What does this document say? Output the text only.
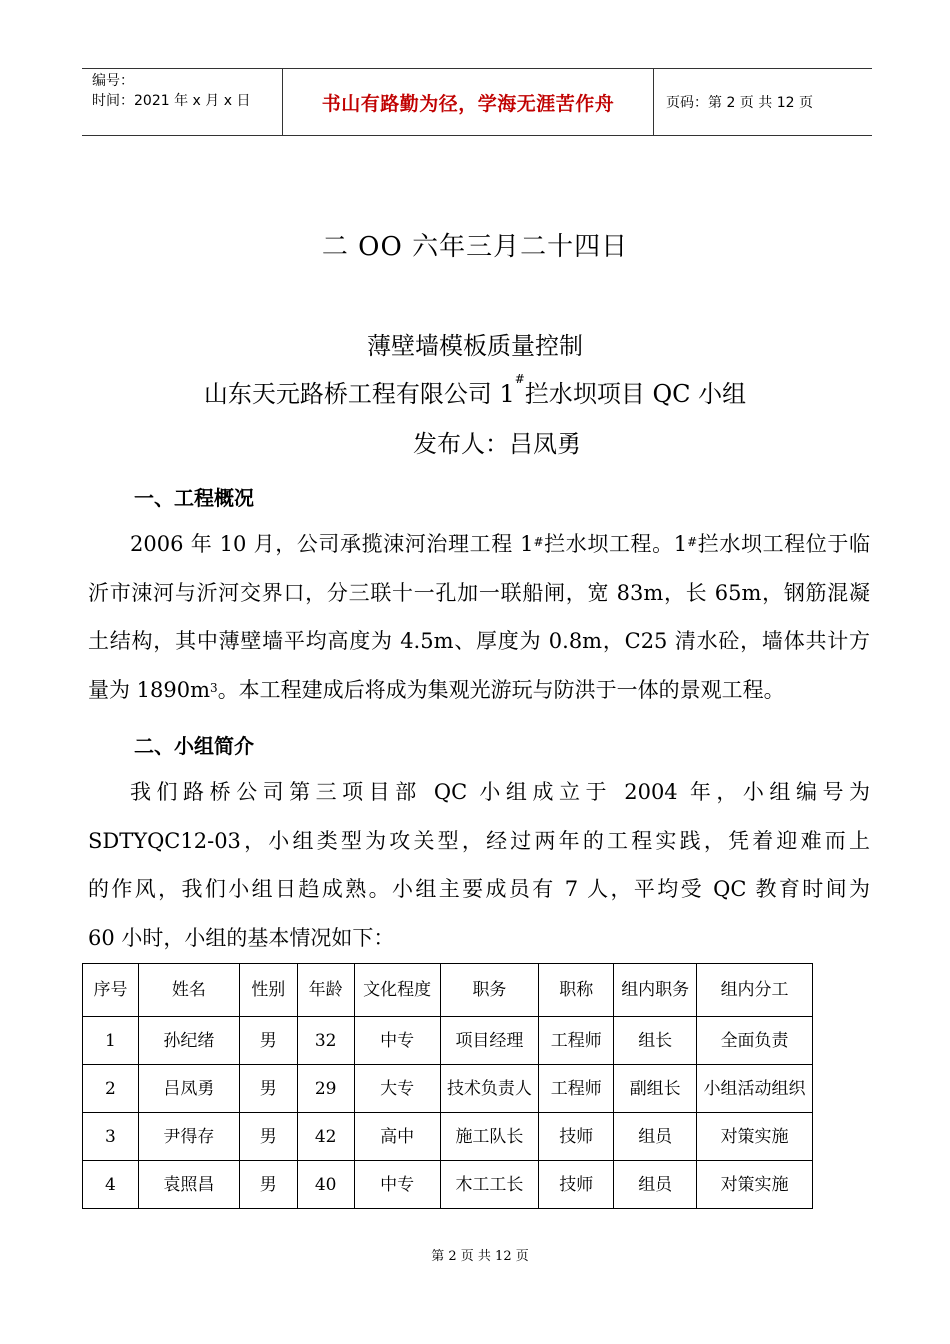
编号：
时间：2021 年 x 月 x 日	书山有路勤为径，学海无涯苦作舟	页码：第 2 页 共 12 页
二 OO 六年三月二十四日
薄壁墙模板质量控制
山东天元路桥工程有限公司 1#拦水坝项目 QC 小组
发布人：吕凤勇
一、工程概况
2006 年 10 月，公司承揽涑河治理工程 1#拦水坝工程。1#拦水坝工程位于临
沂市涑河与沂河交界口，分三联十一孔加一联船闸，宽 83m，长 65m，钢筋混凝
土结构，其中薄壁墙平均高度为 4.5m、厚度为 0.8m，C25 清水砼，墙体共计方
量为 $1890m^3$。本工程建成后将成为集观光游玩与防洪于一体的景观工程。
二、小组简介
我们路桥公司第三项目部 QC 小组成立于 2004 年，小组编号为
SDTYQC12-03，小组类型为攻关型，经过两年的工程实践，凭着迎难而上
的作风，我们小组日趋成熟。小组主要成员有 7 人，平均受 QC 教育时间为
60 小时，小组的基本情况如下：
序号	姓名	性别	年龄	文化程度	职务	职称	组内职务	组内分工
1	孙纪绪	男	32	中专	项目经理	工程师	组长	全面负责
2	吕凤勇	男	29	大专	技术负责人	工程师	副组长	小组活动组织
3	尹得存	男	42	高中	施工队长	技师	组员	对策实施
4	袁照昌	男	40	中专	木工工长	技师	组员	对策实施
第 2 页 共 12 页
